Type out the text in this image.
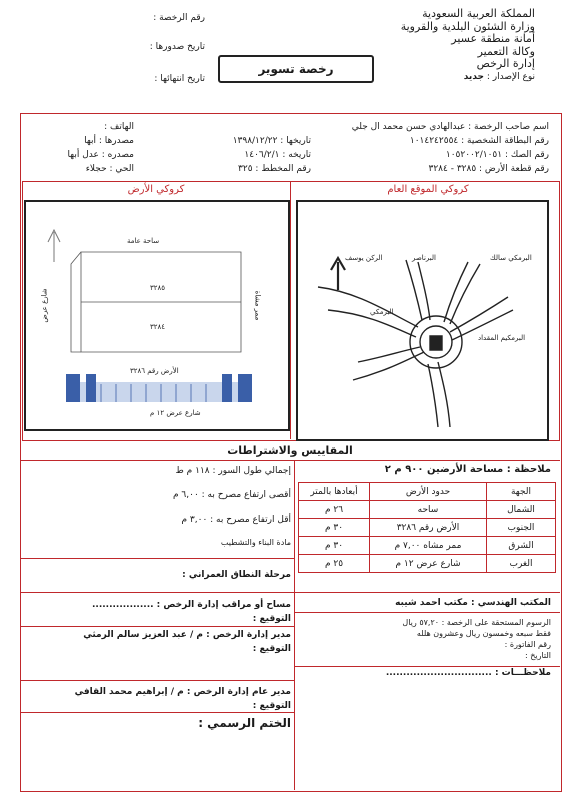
المملكة العربية السعودية
وزارة الشئون البلدية والقروية
أمانة منطقة عسير
وكالة التعمير
إدارة الرخص
نوع الإصدار : جديد
رقم الرخصة :
تاريخ صدورها :
تاريخ انتهائها :
رخصة تسوير
اسم صاحب الرخصة : عبدالهادي حسن محمد ال جلي
رقم البطاقة الشخصية : ١٠١٤٢٤٢٥٥٤
رقم الصك : ١٠٥٢٠٠٢/١٠٥١
رقم قطعة الأرض : ٣٢٨٥ - ٣٢٨٤
تاريخها : ١٣٩٨/١٢/٢٢
تاريخه : ١٤٠٦/٢/١
رقم المخطط : ٣٢٥
الهاتف :
مصدرها : أبها
مصدره : عدل أبها
الحي : حجلاء
كروكي الموقع العام
كروكي الأرض
الركن يوسف	البرناصر	البرمكي سالك
البرمكيم المقداد
البرمكي
ساحة عامة
٣٢٨٥
٣٢٨٤
الأرض رقم ٣٢٨٦
شارع عرض ١٢ م
ممر مشاة
شارع عرض
المقاييس والاشتراطات
ملاحظة : مساحة الأرضين ٩٠٠ م ٢
الجهة	حدود الأرض	أبعادها بالمتر
الشمال	ساحه	٢٦ م
الجنوب	الأرض رقم ٣٢٨٦	٣٠ م
الشرق	ممر مشاه ٧,٠٠ م	٣٠ م
الغرب	شارع عرض ١٢ م	٢٥ م
إجمالي طول السور : ١١٨ م ط
أقصى ارتفاع مصرح به : ٦,٠٠ م
أقل ارتفاع مصرح به : ٣,٠٠ م
مادة البناء والتشطيب
مرحلة النطاق العمراني :
مساح أو مراقب إدارة الرخص : ..................
التوقيع :
مدير إدارة الرخص : م / عبد العزيز سالم الرمثي
التوقيع :
مدير عام إدارة الرخص : م / إبراهيم محمد القافي
التوقيع :
الختم الرسمي :
المكتب الهندسي : مكتب احمد شيبه
الرسوم المستحقة على الرخصة : ٥٧,٢٠ ريال
فقط سبعه وخمسون ريال وعشرون هلله
رقم الفاتورة :
التاريخ :
ملاحظـــات : ...............................
